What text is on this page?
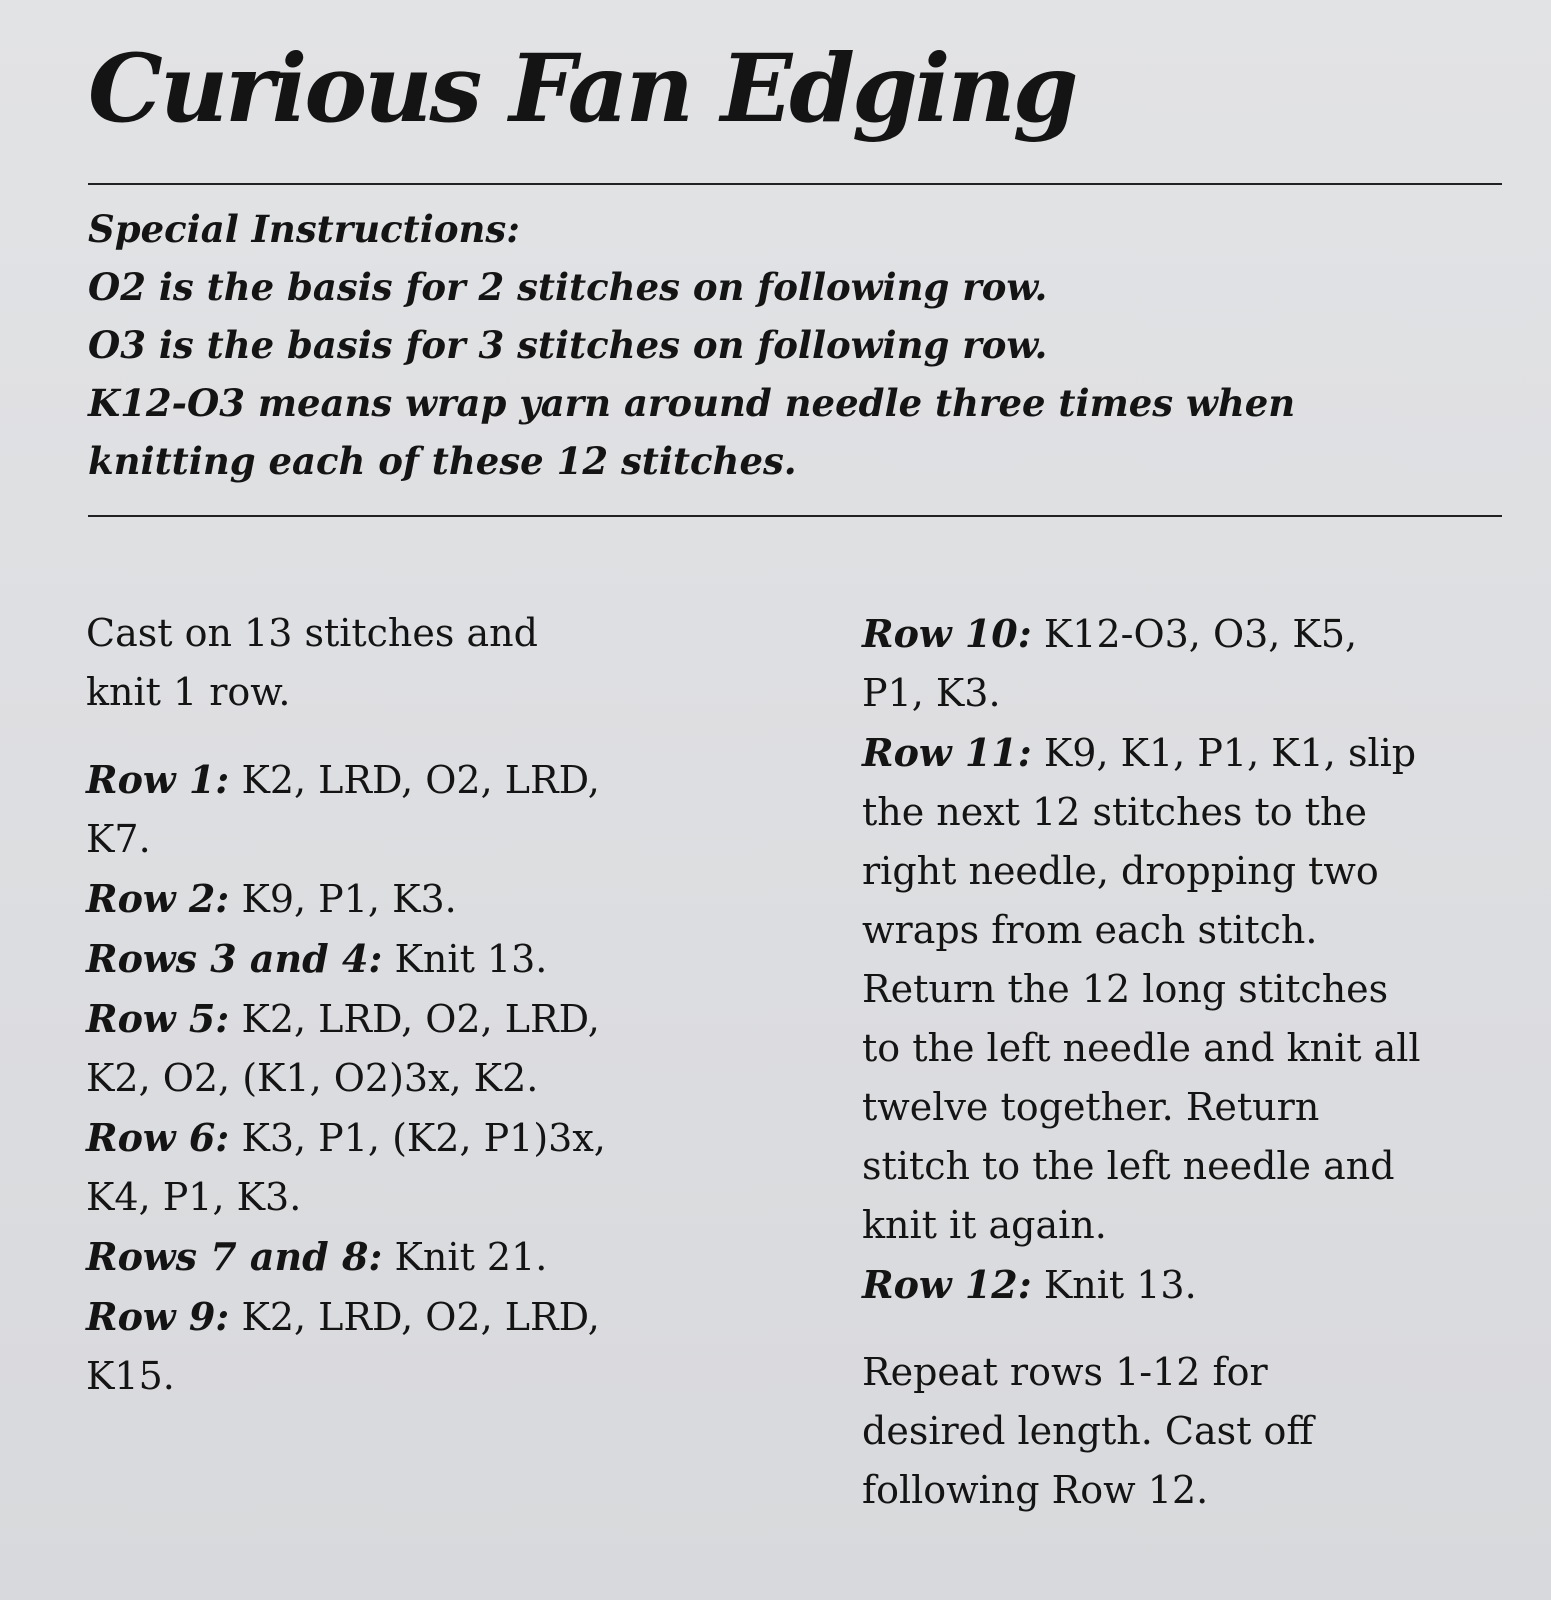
Curious Fan Edging
Special Instructions:
O2 is the basis for 2 stitches on following row.
O3 is the basis for 3 stitches on following row.
K12-O3 means wrap yarn around needle three times when
knitting each of these 12 stitches.
Cast on 13 stitches and
knit 1 row.
Row 1: K2, LRD, O2, LRD,
K7.
Row 2: K9, P1, K3.
Rows 3 and 4: Knit 13.
Row 5: K2, LRD, O2, LRD,
K2, O2, (K1, O2)3x, K2.
Row 6: K3, P1, (K2, P1)3x,
K4, P1, K3.
Rows 7 and 8: Knit 21.
Row 9: K2, LRD, O2, LRD,
K15.
Row 10: K12-O3, O3, K5,
P1, K3.
Row 11: K9, K1, P1, K1, slip
the next 12 stitches to the
right needle, dropping two
wraps from each stitch.
Return the 12 long stitches
to the left needle and knit all
twelve together. Return
stitch to the left needle and
knit it again.
Row 12: Knit 13.
Repeat rows 1-12 for
desired length. Cast off
following Row 12.
